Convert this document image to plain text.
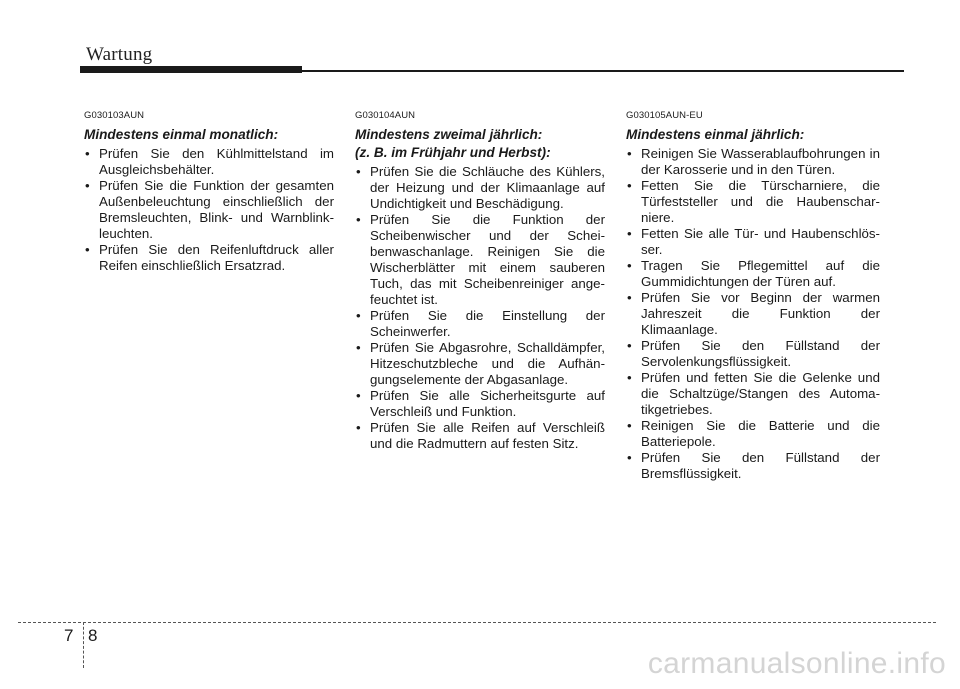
Wartung
G030103AUN
Mindestens einmal monatlich:
• Prüfen Sie den Kühlmittelstand im Ausgleichsbehälter.
• Prüfen Sie die Funktion der gesamten Außenbeleuchtung einschließlich der Bremsleuchten, Blink- und Warnblink-leuchten.
• Prüfen Sie den Reifenluftdruck aller Reifen einschließlich Ersatzrad.
G030104AUN
Mindestens zweimal jährlich:
(z. B. im Frühjahr und Herbst):
• Prüfen Sie die Schläuche des Kühlers, der Heizung und der Klimaanlage auf Undichtigkeit und Beschädigung.
• Prüfen Sie die Funktion der Scheibenwischer und der Schei-benwaschanlage. Reinigen Sie die Wischerblätter mit einem sauberen Tuch, das mit Scheibenreiniger ange-feuchtet ist.
• Prüfen Sie die Einstellung der Scheinwerfer.
• Prüfen Sie Abgasrohre, Schalldämpfer, Hitzeschutzbleche und die Aufhän-gungselemente der Abgasanlage.
• Prüfen Sie alle Sicherheitsgurte auf Verschleiß und Funktion.
• Prüfen Sie alle Reifen auf Verschleiß und die Radmuttern auf festen Sitz.
G030105AUN-EU
Mindestens einmal jährlich:
• Reinigen Sie Wasserablaufbohrungen in der Karosserie und in den Türen.
• Fetten Sie die Türscharniere, die Türfeststeller und die Haubenschar-niere.
• Fetten Sie alle Tür- und Haubenschlös-ser.
• Tragen Sie Pflegemittel auf die Gummidichtungen der Türen auf.
• Prüfen Sie vor Beginn der warmen Jahreszeit die Funktion der Klimaanlage.
• Prüfen Sie den Füllstand der Servolenkungsflüssigkeit.
• Prüfen und fetten Sie die Gelenke und die Schaltzüge/Stangen des Automa-tikgetriebes.
• Reinigen Sie die Batterie und die Batteriepole.
• Prüfen Sie den Füllstand der Bremsflüssigkeit.
7 8
carmanualsonline.info
